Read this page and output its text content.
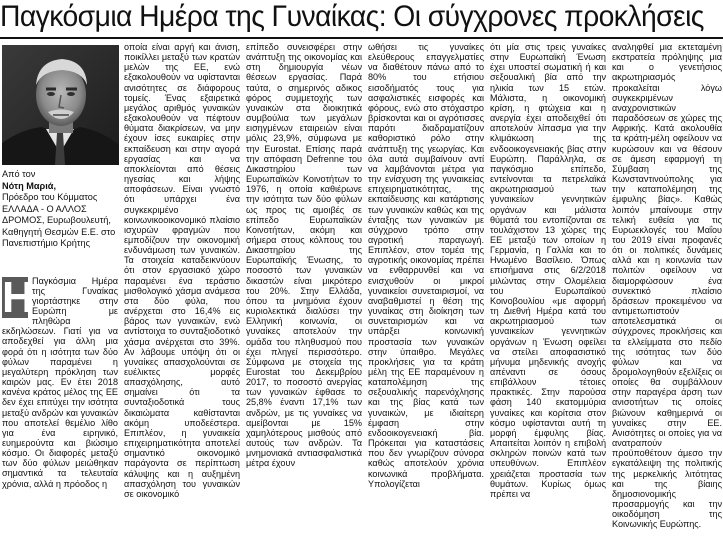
Παγκόσμια Ημέρα της Γυναίκας: Οι σύγχρονες προκλήσεις
Από τον
Νότη Μαριά,
Πρόεδρο του Κόμματος ΕΛΛΑΔΑ - Ο ΑΛΛΟΣ ΔΡΟΜΟΣ, Ευρωβουλευτή, Καθηγητή Θεσμών Ε.Ε. στο Πανεπιστήμιο Κρήτης
Η

Παγκόσμια Ημέρα της Γυναίκας γιορτάστηκε στην Ευρώπη με πληθώρα εκδηλώσεων. Γιατί για να αποδεχθεί για άλλη μια φορά ότι η ισότητα των δύο φύλων παραμένει η μεγαλύτερη πρόκληση των καιρών μας. Εν έτει 2018 κανένα κράτος μέλος της ΕΕ δεν έχει επιτύχει την ισότητα μεταξύ ανδρών και γυναικών που αποτελεί θεμέλιο λίθο για ένα ειρηνικό, ευημερούντα και βιώσιμο κόσμο. Οι διαφορές μεταξύ των δύο φύλων μειώθηκαν σημαντικά τα τελευταία χρόνια, αλλά η πρόοδος η

οποία είναι αργή και άνιση, ποικίλλει μεταξύ των κρατών μελών της ΕΕ, ενώ εξακολουθούν να υφίστανται ανισότητες σε διάφορους τομείς. Ένας εξαιρετικά μεγάλος αριθμός γυναικών εξακολουθούν να πέφτουν θύματα διακρίσεων, να μην έχουν ίσες ευκαιρίες στην εκπαίδευση και στην αγορά εργασίας και να αποκλείονται από θέσεις ηγεσίας και λήψης αποφάσεων. Είναι γνωστό ότι υπάρχει ένα συγκεκριμένο κοινωνικοοικονομικό πλαίσιο ισχυρών φραγμών που εμποδίζουν την οικονομική ενδυνάμωση των γυναικών. Τα στοιχεία καταδεικνύουν ότι στον εργασιακό χώρο παραμένει ένα τεράστιο μισθολογικό χάσμα ανάμεσα στα δύο φύλα, που ανέρχεται στο 16,4% εις βάρος των γυναικών, ενώ αντίστοιχα το συνταξιοδοτικό χάσμα ανέρχεται στο 39%. Αν λάβουμε υπόψη ότι οι γυναίκες απασχολούνται σε ευέλικτες μορφές απασχόλησης, αυτό σημαίνει ότι τα συνταξιοδοτικά τους δικαιώματα καθίστανται ακόμη υποδεέστερα. Επιπλέον, η γυναικεία επιχειρηματικότητα αποτελεί σημαντικό οικονομικό παράγοντα σε περίπτωση κάλυψης και η αυξημένη απασχόληση του γυναικών σε οικονομικό

επίπεδο συνεισφέρει στην ανάπτυξη της οικονομίας και στη δημιουργία νέων θέσεων εργασίας. Παρά ταύτα, ο σημερινός αδικος φόρος συμμετοχής των γυναικών στα διοικητικά συμβούλια των μεγάλων εισηγμένων εταιρειών είναι μόλις 23,9%, σύμφωνα με την Eurostat. Επίσης παρά την απόφαση Defrenne του Δικαστηρίου των Ευρωπαϊκών Κοινοτήτων το 1976, η οποία καθιέρωνε την ισότητα των δύο φύλων ως προς τις αμοιβές σε επίπεδο Ευρωπαϊκών Κοινοτήτων, ακόμη και σήμερα στους κόλπους του Δικαστηρίου της Ευρωπαϊκής Ένωσης, το ποσοστό των γυναικών δικαστών είναι μικρότερο του 20%. Στην Ελλάδα, όπου τα μνημόνια έχουν κυριολεκτικά διαλύσει την Ελληνική κοινωνία, οι γυναίκες αποτελούν την ομάδα του πληθυσμού που έχει πληγεί περισσότερο. Σύμφωνα με στοιχεία της Eurostat του Δεκεμβρίου 2017, το ποσοστό ανεργίας των γυναικών έφθασε το 25,8% έναντι 17,1% των ανδρών, με τις γυναίκες να αμείβονται με 15% χαμηλότερους μισθούς από αυτούς των ανδρών. Τα μνημονιακά αντιασφαλιστικά μέτρα έχουν

ωθήσει τις γυναίκες ελεύθερους επαγγελματίες να διαθέτουν πάνω από το 80% του ετήσιου εισοδήματός τους για ασφαλιστικές εισφορές και φόρους, ενώ στο στόχαστρο βρίσκονται και οι αγρότισσες παρότι διαδραματίζουν καθοριστικό ρόλο στην ανάπτυξη της γεωργίας. Και όλα αυτά συμβαίνουν αντί να λαμβάνονται μέτρα για την ενίσχυση της γυναικείας επιχειρηματικότητας, της εκπαίδευσης και κατάρτισης των γυναικών καθώς και της ένταξης των γυναικών με σύγχρονο τρόπο στην αγροτική παραγωγή. Επιπλέον, στον τομέα της αγροτικής οικονομίας πρέπει να ενθαρρυνθεί και να ενισχυθούν οι μικροί γυναικείοι συνεταιρισμοί, να αναβαθμιστεί η θέση της γυναίκας στη διοίκηση των συνεταιρισμών και να υπάρξει κοινωνική προστασία των γυναικών στην ύπαιθρο. Μεγάλες προκλήσεις για τα κράτη μέλη της ΕΕ παραμένουν η καταπολέμηση της σεξουαλικής παρενόχλησης και της βίας κατά των γυναικών, με ιδιαίτερη έμφαση στην ενδοοικογενειακή βία. Πρόκειται για καταστάσεις που δεν γνωρίζουν σύνορα καθώς αποτελούν χρόνια κοινωνικά προβλήματα. Υπολογίζεται

ότι μία στις τρεις γυναίκες στην Ευρωπαϊκή Ένωση έχει υποστεί σωματική ή και σεξουαλική βία από την ηλικία των 15 ετών. Μάλιστα, η οικονομική κρίση, η φτώχεια και η ανεργία έχει αποδειχθεί ότι αποτελούν λίπασμα για την κλιμάκωση της ενδοοικογενειακής βίας στην Ευρώπη. Παράλληλα, σε παγκόσμιο επίπεδο, εντείνονται τα πετρελαϊκά ακρωτηριασμού των γυναικείων γεννητικών οργάνων και μάλιστα θύματά του εντοπίζονται σε τουλάχιστον 13 χώρες της ΕΕ μεταξύ των οποίων η Γερμανία, η Γαλλία και το Ηνωμένο Βασίλειο. Όπως επισήμανα στις 6/2/2018 μιλώντας στην Ολομέλεια του Ευρωπαϊκού Κοινοβουλίου «με αφορμή τη Διεθνή Ημέρα κατά του ακρωτηριασμού των γυναικείων γεννητικών οργάνων η Ένωση οφείλει να στείλει αποφασιστικό μήνυμα μηδενικής ανοχής απέναντι σε όσους επιβάλλουν τέτοιες πρακτικές. Στην παρούσα φάση 140 εκατομμύρια γυναίκες και κορίτσια στον κόσμο υφίστανται αυτή τη μορφή έμφυλης βίας. Απαιτείται λοιπόν η επιβολή σκληρών ποινών κατά των υπευθύνων. Επιπλέον χρειάζεται προστασία των θυμάτων. Κυρίως όμως πρέπει να

αναληφθεί μια εκτεταμένη εκστρατεία πρόληψης μια και ο γενετήσιος ακρωτηριασμός προκαλείται λόγω συγκεκριμένων αναχρονιστικών παραδόσεων σε χώρες της Αφρικής. Κατά ακολουθία τα κράτη-μέλη οφείλουν να κυρώσουν και να θέσουν σε άμεση εφαρμογή τη Σύμβαση της Κωνσταντινούπολης για την καταπολέμηση της έμφυλης βίας». Καθώς λοιπόν μπαίνουμε στην τελική ευθεία για τις Ευρωεκλογές του Μαΐου του 2019 είναι προφανές ότι οι πολιτικές δυνάμεις αλλά και η κοινωνία των πολιτών οφείλουν να διαμορφώσουν ένα συνεκτικό πλαίσιο δράσεων προκειμένου να αντιμετωπιστούν αποτελεσματικά οι σύγχρονες προκλήσεις και τα ελλείμματα στο πεδίο της ισότητας των δύο φύλων και να δρομολογηθούν εξελίξεις οι οποίες θα συμβάλλουν στην παραγέρα άρση των ανισοτήτων τις οποίες βιώνουν καθημερινά οι γυναίκες στην ΕΕ. Ανισότητες οι οποίες για να ανατραπούν προϋποθέτουν άμεσο την εγκατάλειψη της πολιτικής της μερκελικής λιτότητας και της βίαιης δημοσιονομικής προσαρμογής και την οικοδόμηση της Κοινωνικής Ευρώπης.
